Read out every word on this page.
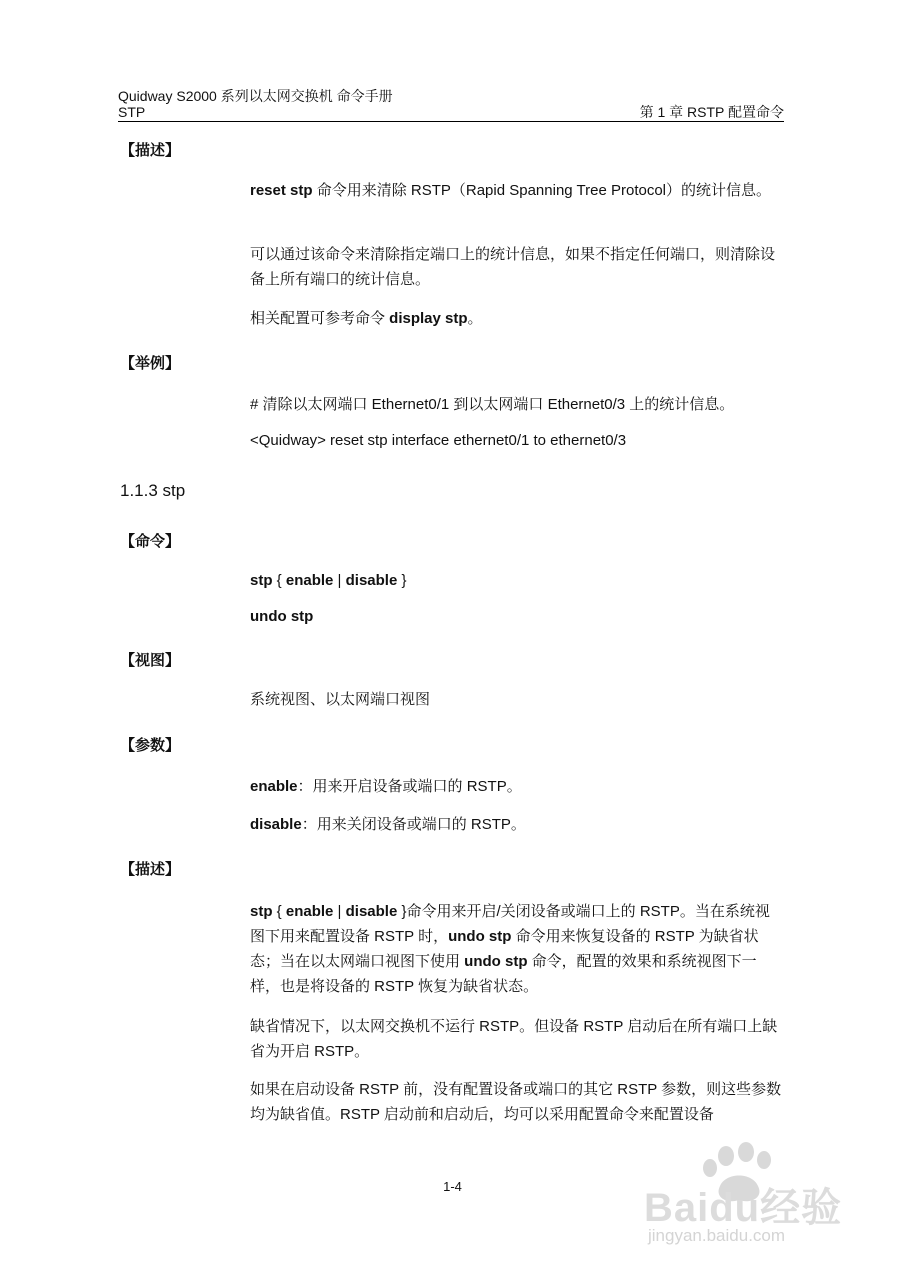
Quidway S2000 系列以太网交换机 命令手册
STP	第 1 章 RSTP 配置命令
【描述】

reset stp 命令用来清除 RSTP（Rapid Spanning Tree Protocol）的统计信息。

可以通过该命令来清除指定端口上的统计信息，如果不指定任何端口，则清除设备上所有端口的统计信息。

相关配置可参考命令 display stp。

【举例】

# 清除以太网端口 Ethernet0/1 到以太网端口 Ethernet0/3 上的统计信息。

<Quidway> reset stp interface ethernet0/1 to ethernet0/3

1.1.3 stp
【命令】

stp { enable | disable }

undo stp

【视图】

系统视图、以太网端口视图

【参数】

enable：用来开启设备或端口的 RSTP。

disable：用来关闭设备或端口的 RSTP。

【描述】

stp { enable | disable }命令用来开启/关闭设备或端口上的 RSTP。当在系统视图下用来配置设备 RSTP 时，undo stp 命令用来恢复设备的 RSTP 为缺省状态；当在以太网端口视图下使用 undo stp 命令，配置的效果和系统视图下一样，也是将设备的 RSTP 恢复为缺省状态。

缺省情况下，以太网交换机不运行 RSTP。但设备 RSTP 启动后在所有端口上缺省为开启 RSTP。

如果在启动设备 RSTP 前，没有配置设备或端口的其它 RSTP 参数，则这些参数均为缺省值。RSTP 启动前和启动后，均可以采用配置命令来配置设备

1-4	Baidu经验
jingyan.baidu.com
